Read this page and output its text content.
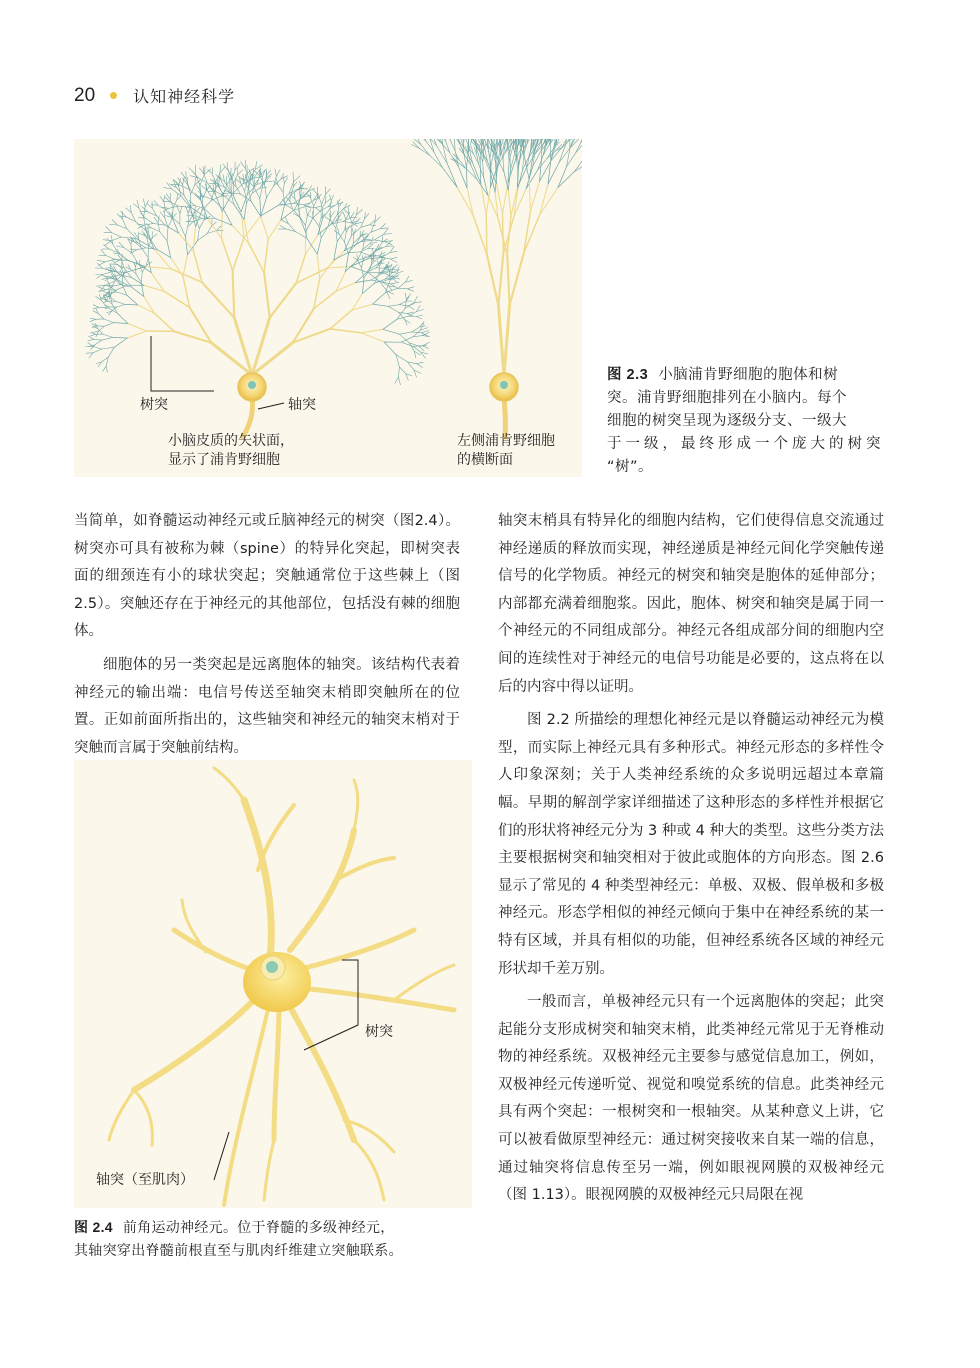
20 认知神经科学
树突	轴突
小脑皮质的矢状面，
显示了浦肯野细胞
左侧浦肯野细胞
的横断面
图 2.3 小脑浦肯野细胞的胞体和树
突。浦肯野细胞排列在小脑内。每个
细胞的树突呈现为逐级分支、一级大
于一级，最终形成一个庞大的树突
“树”。

当简单，如脊髓运动神经元或丘脑神经元的树突（图2.4）。树突亦可具有被称为棘（spine）的特异化突起，即树突表面的细颈连有小的球状突起；突触通常位于这些棘上（图 2.5）。突触还存在于神经元的其他部位，包括没有棘的细胞体。

细胞体的另一类突起是远离胞体的轴突。该结构代表着神经元的输出端：电信号传送至轴突末梢即突触所在的位置。正如前面所指出的，这些轴突和神经元的轴突末梢对于突触而言属于突触前结构。

树突
轴突（至肌肉）
图 2.4 前角运动神经元。位于脊髓的多级神经元，
其轴突穿出脊髓前根直至与肌肉纤维建立突触联系。

轴突末梢具有特异化的细胞内结构，它们使得信息交流通过神经递质的释放而实现，神经递质是神经元间化学突触传递信号的化学物质。神经元的树突和轴突是胞体的延伸部分；内部都充满着细胞浆。因此，胞体、树突和轴突是属于同一个神经元的不同组成部分。神经元各组成部分间的细胞内空间的连续性对于神经元的电信号功能是必要的，这点将在以后的内容中得以证明。

图 2.2 所描绘的理想化神经元是以脊髓运动神经元为模型，而实际上神经元具有多种形式。神经元形态的多样性令人印象深刻；关于人类神经系统的众多说明远超过本章篇幅。早期的解剖学家详细描述了这种形态的多样性并根据它们的形状将神经元分为 3 种或 4 种大的类型。这些分类方法主要根据树突和轴突相对于彼此或胞体的方向形态。图 2.6 显示了常见的 4 种类型神经元：单极、双极、假单极和多极神经元。形态学相似的神经元倾向于集中在神经系统的某一特有区域，并具有相似的功能，但神经系统各区域的神经元形状却千差万别。

一般而言，单极神经元只有一个远离胞体的突起；此突起能分支形成树突和轴突末梢，此类神经元常见于无脊椎动物的神经系统。双极神经元主要参与感觉信息加工，例如，双极神经元传递听觉、视觉和嗅觉系统的信息。此类神经元具有两个突起：一根树突和一根轴突。从某种意义上讲，它可以被看做原型神经元：通过树突接收来自某一端的信息，通过轴突将信息传至另一端，例如眼视网膜的双极神经元（图 1.13）。眼视网膜的双极神经元只局限在视
